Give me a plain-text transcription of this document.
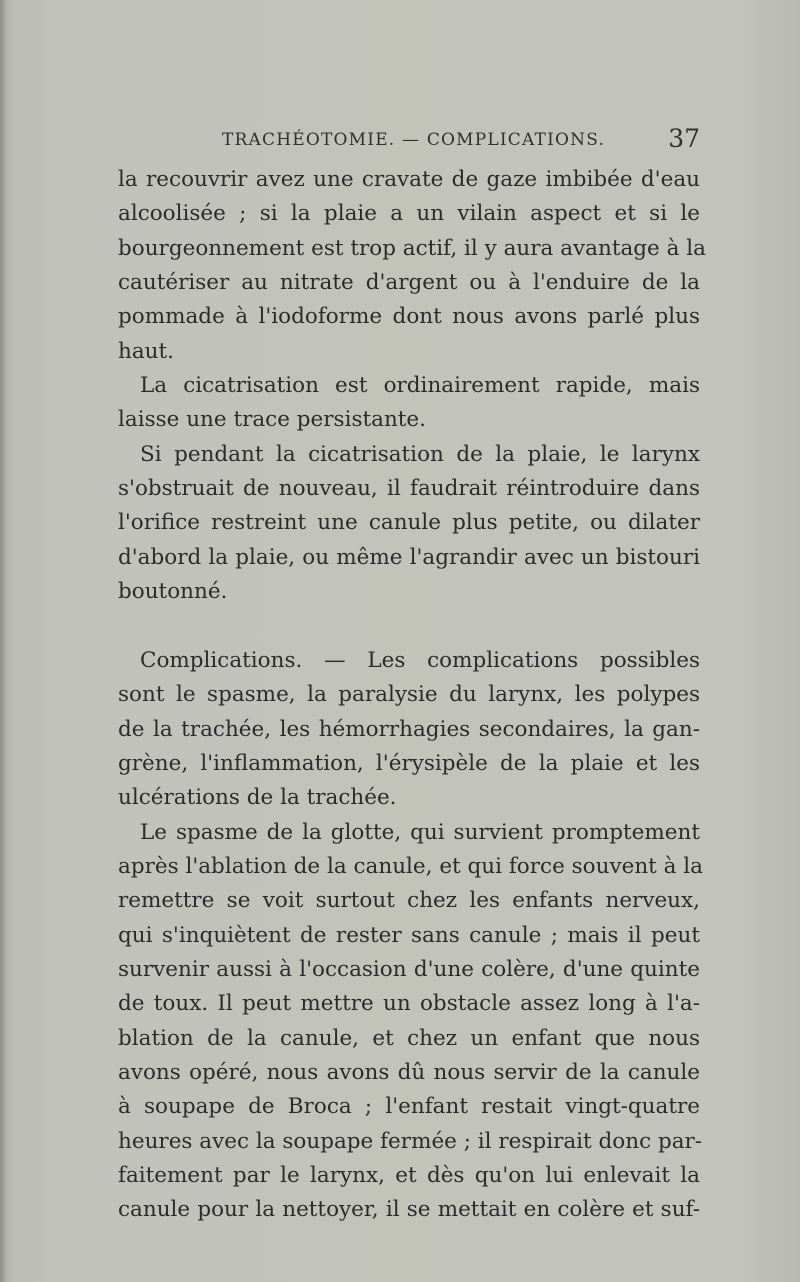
TRACHÉOTOMIE. — COMPLICATIONS.	37
la recouvrir avez une cravate de gaze imbibée d'eau
alcoolisée ; si la plaie a un vilain aspect et si le
bourgeonnement est trop actif, il y aura avantage à la
cautériser au nitrate d'argent ou à l'enduire de la
pommade à l'iodoforme dont nous avons parlé plus
haut.
La cicatrisation est ordinairement rapide, mais
laisse une trace persistante.
Si pendant la cicatrisation de la plaie, le larynx
s'obstruait de nouveau, il faudrait réintroduire dans
l'orifice restreint une canule plus petite, ou dilater
d'abord la plaie, ou même l'agrandir avec un bistouri
boutonné.
Complications. — Les complications possibles
sont le spasme, la paralysie du larynx, les polypes
de la trachée, les hémorrhagies secondaires, la gan-
grène, l'inflammation, l'érysipèle de la plaie et les
ulcérations de la trachée.
Le spasme de la glotte, qui survient promptement
après l'ablation de la canule, et qui force souvent à la
remettre se voit surtout chez les enfants nerveux,
qui s'inquiètent de rester sans canule ; mais il peut
survenir aussi à l'occasion d'une colère, d'une quinte
de toux. Il peut mettre un obstacle assez long à l'a-
blation de la canule, et chez un enfant que nous
avons opéré, nous avons dû nous servir de la canule
à soupape de Broca ; l'enfant restait vingt-quatre
heures avec la soupape fermée ; il respirait donc par-
faitement par le larynx, et dès qu'on lui enlevait la
canule pour la nettoyer, il se mettait en colère et suf-
